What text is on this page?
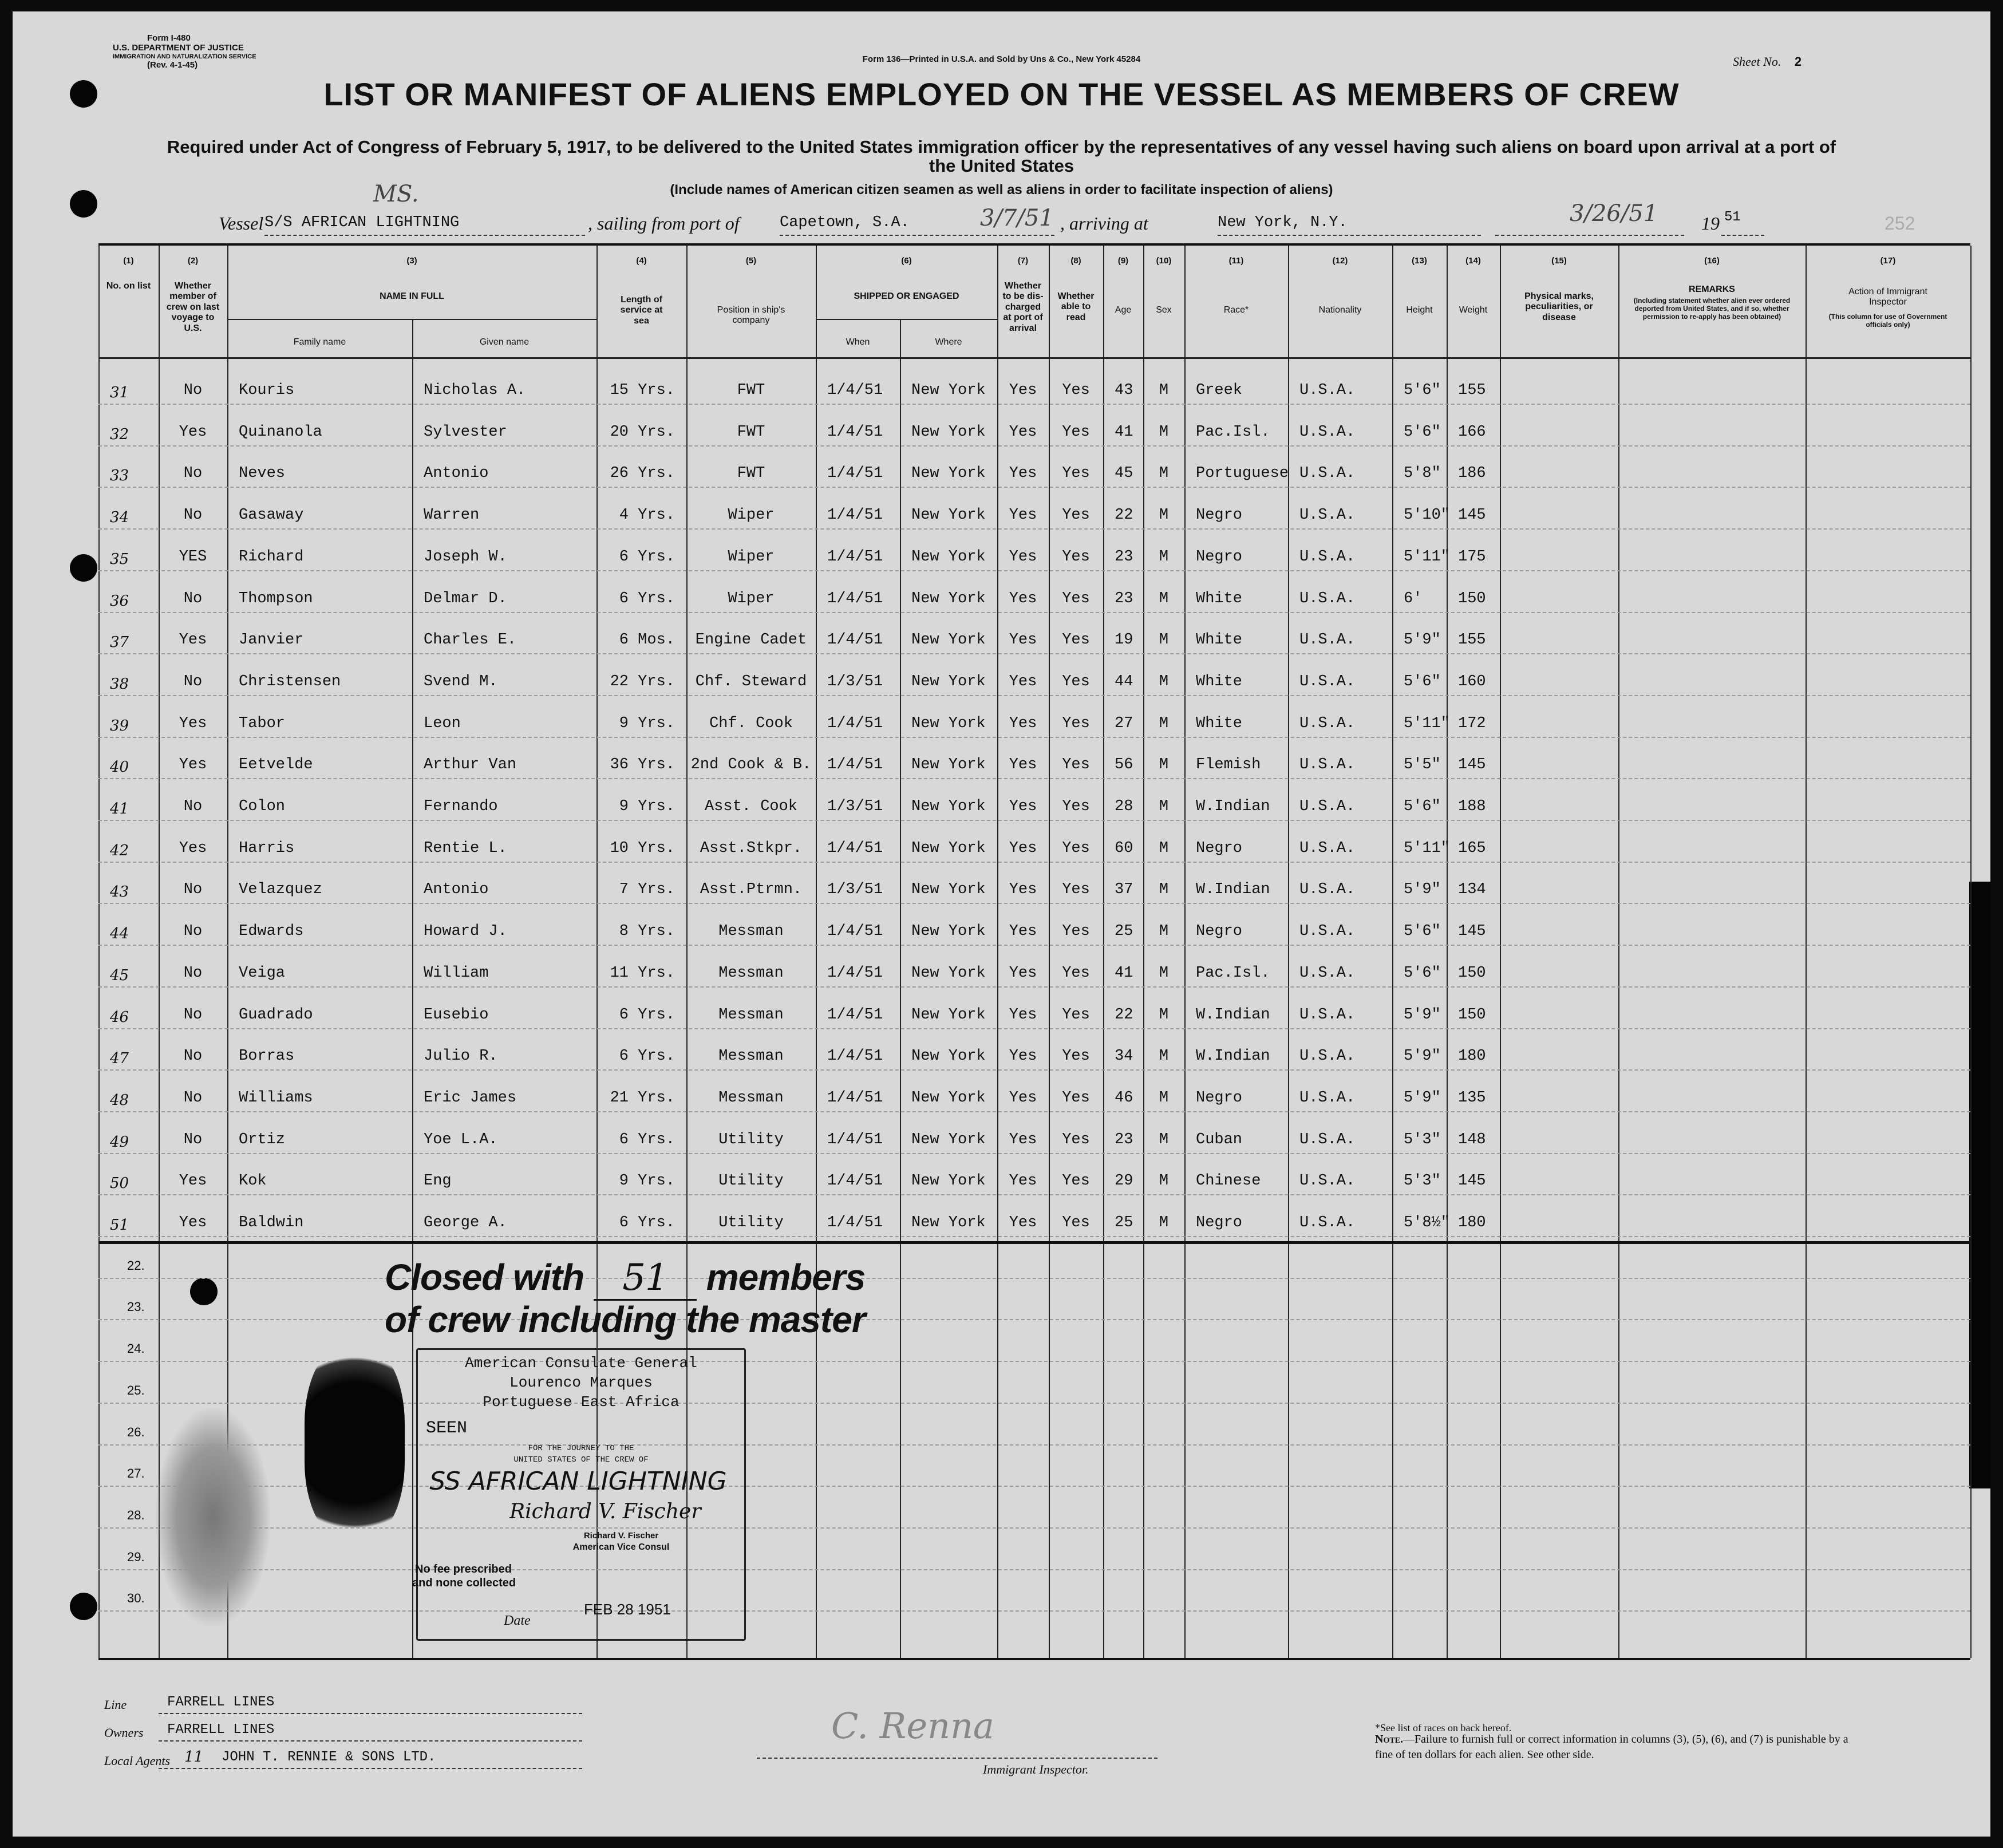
Form I-480
U.S. DEPARTMENT OF JUSTICE
IMMIGRATION AND NATURALIZATION SERVICE
(Rev. 4-1-45)
Form 136—Printed in U.S.A. and Sold by Uns & Co., New York 45284	Sheet No. 2
LIST OR MANIFEST OF ALIENS EMPLOYED ON THE VESSEL AS MEMBERS OF CREW
Required under Act of Congress of February 5, 1917, to be delivered to the United States immigration officer by the representatives of any vessel having such aliens on board upon arrival at a port of the United States
(Include names of American citizen seamen as well as aliens in order to facilitate inspection of aliens)
Vessel S/S AFRICAN LIGHTNING
MS.
, sailing from port of	Capetown, S.A.	3/7/51 , arriving at	New York, N.Y.	3/26/51 19 51	252
(1)	(2)	(3)	(4)	(5)	(6)	(7)	(8)	(9)	(10)	(11)	(12)	(13)	(14)	(15)	(16)	(17)
No. on list	Whether member of crew on last voyage to U.S.
NAME IN FULL
Family name	Given name
Length of service at sea
Position in ship's company
SHIPPED OR ENGAGED
When	Where
Whether to be dis-charged at port of arrival
Whether able to read
Age	Sex	Race*	Nationality	Height	Weight
Physical marks, peculiarities, or disease
REMARKS
(Including statement whether alien ever ordered deported from United States, and if so, whether permission to re-apply has been obtained)
Action of Immigrant Inspector
(This column for use of Government officials only)
31	No	Kouris	Nicholas A.	15 Yrs.	FWT	1/4/51 New York	Yes	Yes	43	M	Greek	U.S.A.	5'6" 155
32	Yes	Quinanola	Sylvester	20 Yrs.	FWT	1/4/51 New York	Yes	Yes	41	M	Pac.Isl. U.S.A.	5'6" 166
33	No	Neves	Antonio	26 Yrs.	FWT	1/4/51 New York	Yes	Yes	45	M	Portuguese U.S.A.	5'8" 186
34	No	Gasaway	Warren	4 Yrs.	Wiper	1/4/51 New York	Yes	Yes	22	M	Negro	U.S.A.	5'10" 145
35	YES	Richard	Joseph W.	6 Yrs.	Wiper	1/4/51 New York	Yes	Yes	23	M	Negro	U.S.A.	5'11" 175
36	No	Thompson	Delmar D.	6 Yrs.	Wiper	1/4/51 New York	Yes	Yes	23	M	White	U.S.A.	6' 150
37	Yes	Janvier	Charles E.	6 Mos.	Engine Cadet	1/4/51 New York	Yes	Yes	19	M	White	U.S.A.	5'9" 155
38	No	Christensen	Svend M.	22 Yrs.	Chf. Steward	1/3/51 New York	Yes	Yes	44	M	White	U.S.A.	5'6" 160
39	Yes	Tabor	Leon	9 Yrs.	Chf. Cook	1/4/51 New York	Yes	Yes	27	M	White	U.S.A.	5'11" 172
40	Yes	Eetvelde	Arthur Van	36 Yrs. 2nd Cook & B. 1/4/51 New York	Yes	Yes	56	M	Flemish	U.S.A.	5'5" 145
41	No	Colon	Fernando	9 Yrs.	Asst. Cook	1/3/51 New York	Yes	Yes	28	M	W.Indian U.S.A.	5'6" 188
42	Yes	Harris	Rentie L.	10 Yrs.	Asst.Stkpr.	1/4/51 New York	Yes	Yes	60	M	Negro	U.S.A.	5'11" 165
43	No	Velazquez	Antonio	7 Yrs.	Asst.Ptrmn.	1/3/51 New York	Yes	Yes	37	M	W.Indian U.S.A.	5'9" 134
44	No	Edwards	Howard J.	8 Yrs.	Messman	1/4/51 New York	Yes	Yes	25	M	Negro	U.S.A.	5'6" 145
45	No	Veiga	William	11 Yrs.	Messman	1/4/51 New York	Yes	Yes	41	M	Pac.Isl. U.S.A.	5'6" 150
46	No	Guadrado	Eusebio	6 Yrs.	Messman	1/4/51 New York	Yes	Yes	22	M	W.Indian U.S.A.	5'9" 150
47	No	Borras	Julio R.	6 Yrs.	Messman	1/4/51 New York	Yes	Yes	34	M	W.Indian U.S.A.	5'9" 180
48	No	Williams	Eric James	21 Yrs.	Messman	1/4/51 New York	Yes	Yes	46	M	Negro	U.S.A.	5'9" 135
49	No	Ortiz	Yoe L.A.	6 Yrs.	Utility	1/4/51 New York	Yes	Yes	23	M	Cuban	U.S.A.	5'3" 148
50	Yes	Kok	Eng	9 Yrs.	Utility	1/4/51 New York	Yes	Yes	29	M	Chinese	U.S.A.	5'3" 145
51	Yes	Baldwin	George A.	6 Yrs.	Utility	1/4/51 New York	Yes	Yes	25	M	Negro	U.S.A.	5'8½" 180
22.
23.
24.
25.
26.
27.
28.
29.
30.
Closed with 51 members
of crew including the master
American Consulate General
Lourenco Marques
Portuguese East Africa
SEEN
FOR THE JOURNEY TO THE
UNITED STATES OF THE CREW OF
SS AFRICAN LIGHTNING
Richard V. Fischer
Richard V. Fischer
American Vice Consul
No fee prescribed
and none collected
Date
FEB 28 1951
Line	FARRELL LINES
Owners FARRELL LINES
Local Agents 11 JOHN T. RENNIE & SONS LTD.
C. Renna
Immigrant Inspector.
*See list of races on back hereof.
Note.—Failure to furnish full or correct information in columns (3), (5), (6), and (7) is punishable by a fine of ten dollars for each alien. See other side.
